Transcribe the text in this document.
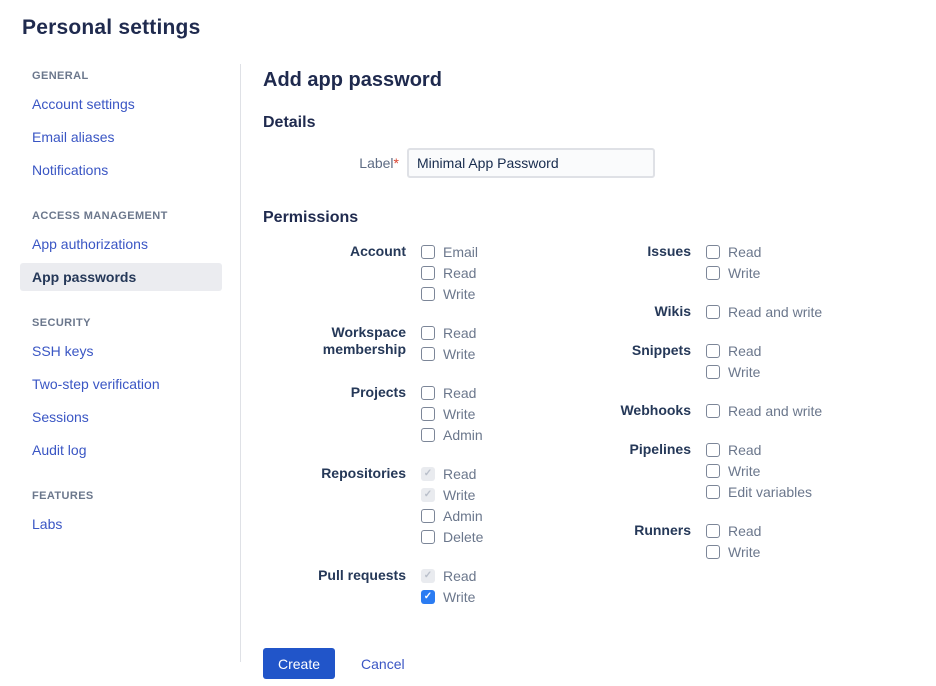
Personal settings
GENERAL
Account settings
Email aliases
Notifications
ACCESS MANAGEMENT
App authorizations
App passwords
SECURITY
SSH keys
Two-step verification
Sessions
Audit log
FEATURES
Labs
Add app password
Details
Label*
Minimal App Password
Permissions
Account	Email
Read
Write
Workspace membership
Read
Write
Projects	Read
Write
Admin
Repositories ✓	Read
✓
Write
Admin
Delete
Pull requests ✓	Read
✓
Write
Issues	Read
Write
Wikis	Read and write
Snippets	Read
Write
Webhooks	Read and write
Pipelines	Read
Write
Edit variables
Runners	Read
Write
Create	Cancel
